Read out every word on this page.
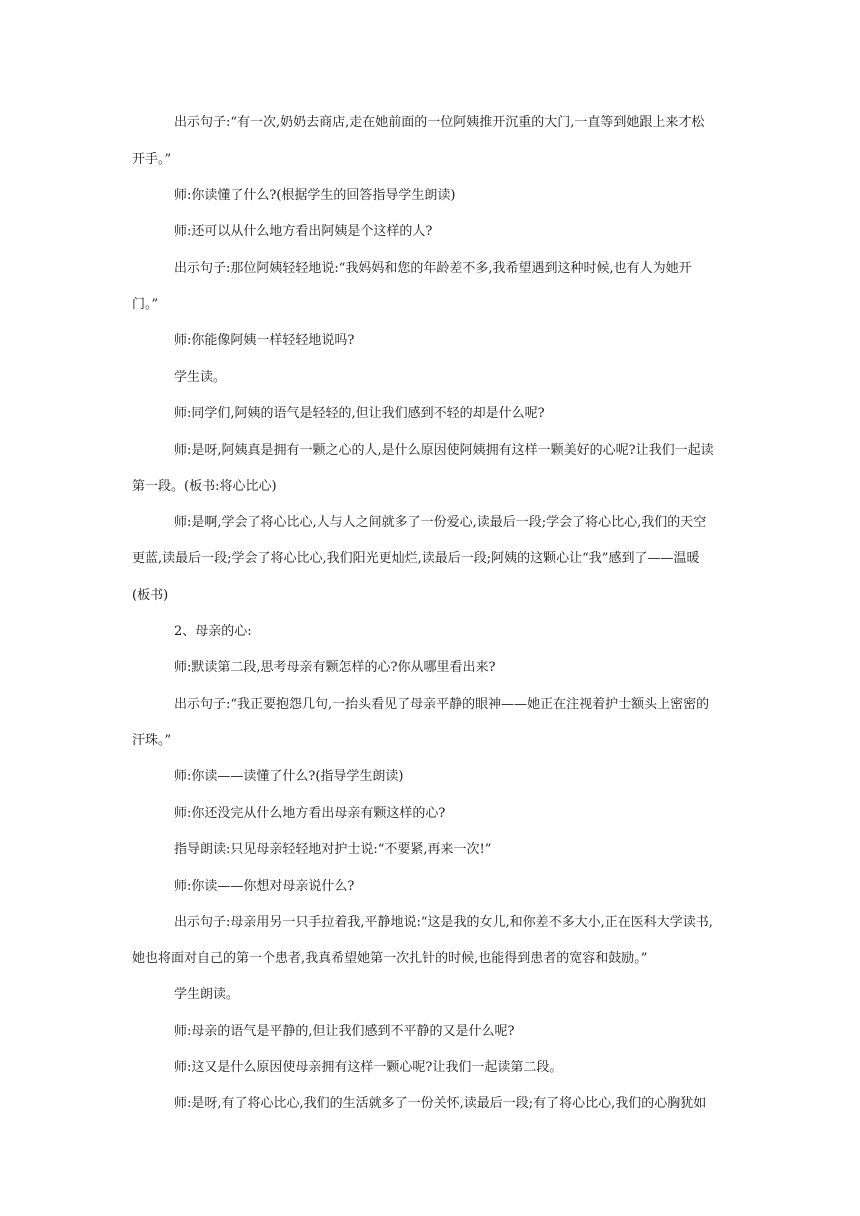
出示句子:“有一次,奶奶去商店,走在她前面的一位阿姨推开沉重的大门,一直等到她跟上来才松
开手。”
师:你读懂了什么?(根据学生的回答指导学生朗读)
师:还可以从什么地方看出阿姨是个这样的人?
出示句子:那位阿姨轻轻地说:“我妈妈和您的年龄差不多,我希望遇到这种时候,也有人为她开
门。”
师:你能像阿姨一样轻轻地说吗?
学生读。
师:同学们,阿姨的语气是轻轻的,但让我们感到不轻的却是什么呢?
师:是呀,阿姨真是拥有一颗之心的人,是什么原因使阿姨拥有这样一颗美好的心呢?让我们一起读
第一段。(板书:将心比心)
师:是啊,学会了将心比心,人与人之间就多了一份爱心,读最后一段;学会了将心比心,我们的天空
更蓝,读最后一段;学会了将心比心,我们阳光更灿烂,读最后一段;阿姨的这颗心让“我”感到了——温暖
(板书)
2、母亲的心:
师:默读第二段,思考母亲有颗怎样的心?你从哪里看出来?
出示句子:“我正要抱怨几句,一抬头看见了母亲平静的眼神——她正在注视着护士额头上密密的
汗珠。”
师:你读——读懂了什么?(指导学生朗读)
师:你还没完从什么地方看出母亲有颗这样的心?
指导朗读:只见母亲轻轻地对护士说:“不要紧,再来一次!”
师:你读——你想对母亲说什么?
出示句子:母亲用另一只手拉着我,平静地说:“这是我的女儿,和你差不多大小,正在医科大学读书,
她也将面对自己的第一个患者,我真希望她第一次扎针的时候,也能得到患者的宽容和鼓励。”
学生朗读。
师:母亲的语气是平静的,但让我们感到不平静的又是什么呢?
师:这又是什么原因使母亲拥有这样一颗心呢?让我们一起读第二段。
师:是呀,有了将心比心,我们的生活就多了一份关怀,读最后一段;有了将心比心,我们的心胸犹如
